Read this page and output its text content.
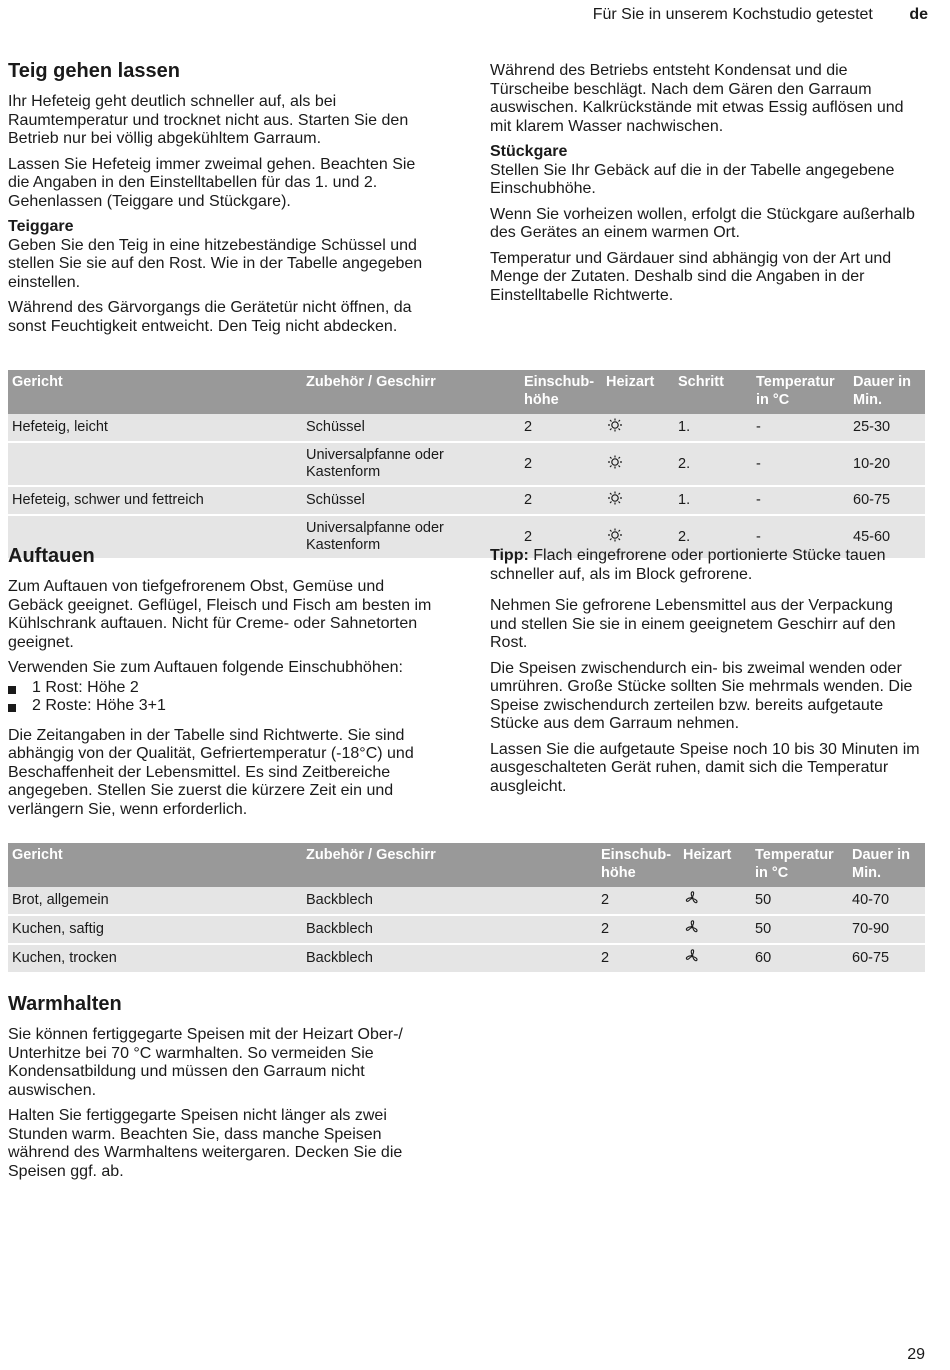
Für Sie in unserem Kochstudio getestet de
Teig gehen lassen

Ihr Hefeteig geht deutlich schneller auf, als bei Raumtemperatur und trocknet nicht aus. Starten Sie den Betrieb nur bei völlig abgekühltem Garraum.

Lassen Sie Hefeteig immer zweimal gehen. Beachten Sie die Angaben in den Einstelltabellen für das 1. und 2. Gehenlassen (Teiggare und Stückgare).

Teiggare

Geben Sie den Teig in eine hitzebeständige Schüssel und stellen Sie sie auf den Rost. Wie in der Tabelle angegeben einstellen.

Während des Gärvorgangs die Gerätetür nicht öffnen, da sonst Feuchtigkeit entweicht. Den Teig nicht abdecken.

Während des Betriebs entsteht Kondensat und die Türscheibe beschlägt. Nach dem Gären den Garraum auswischen. Kalkrückstände mit etwas Essig auflösen und mit klarem Wasser nachwischen.

Stückgare

Stellen Sie Ihr Gebäck auf die in der Tabelle angegebene Einschubhöhe.

Wenn Sie vorheizen wollen, erfolgt die Stückgare außerhalb des Gerätes an einem warmen Ort.

Temperatur und Gärdauer sind abhängig von der Art und Menge der Zutaten. Deshalb sind die Angaben in der Einstelltabelle Richtwerte.

Gericht	Zubehör / Geschirr	Einschub-höhe	Heizart	Schritt	Temperatur in °C	Dauer in Min.
Hefeteig, leicht	Schüssel	2		1.	-	25-30
	Universalpfanne oder Kastenform	2		2.	-	10-20
Hefeteig, schwer und fettreich	Schüssel	2		1.	-	60-75
	Universalpfanne oder Kastenform	2		2.	-	45-60
Auftauen

Zum Auftauen von tiefgefrorenem Obst, Gemüse und Gebäck geeignet. Geflügel, Fleisch und Fisch am besten im Kühlschrank auftauen. Nicht für Creme- oder Sahnetorten geeignet.

Verwenden Sie zum Auftauen folgende Einschubhöhen:

1 Rost: Höhe 2
2 Roste: Höhe 3+1

Die Zeitangaben in der Tabelle sind Richtwerte. Sie sind abhängig von der Qualität, Gefriertemperatur (-18°C) und Beschaffenheit der Lebensmittel. Es sind Zeitbereiche angegeben. Stellen Sie zuerst die kürzere Zeit ein und verlängern Sie, wenn erforderlich.

Tipp: Flach eingefrorene oder portionierte Stücke tauen schneller auf, als im Block gefrorene.

Nehmen Sie gefrorene Lebensmittel aus der Verpackung und stellen Sie sie in einem geeignetem Geschirr auf den Rost.

Die Speisen zwischendurch ein- bis zweimal wenden oder umrühren. Große Stücke sollten Sie mehrmals wenden. Die Speise zwischendurch zerteilen bzw. bereits aufgetaute Stücke aus dem Garraum nehmen.

Lassen Sie die aufgetaute Speise noch 10 bis 30 Minuten im ausgeschalteten Gerät ruhen, damit sich die Temperatur ausgleicht.

Gericht	Zubehör / Geschirr	Einschub-höhe	Heizart	Temperatur in °C	Dauer in Min.
Brot, allgemein	Backblech	2		50	40-70
Kuchen, saftig	Backblech	2		50	70-90
Kuchen, trocken	Backblech	2		60	60-75
Warmhalten

Sie können fertiggegarte Speisen mit der Heizart Ober-/ Unterhitze bei 70 °C warmhalten. So vermeiden Sie Kondensatbildung und müssen den Garraum nicht auswischen.

Halten Sie fertiggegarte Speisen nicht länger als zwei Stunden warm. Beachten Sie, dass manche Speisen während des Warmhaltens weitergaren. Decken Sie die Speisen ggf. ab.

29
